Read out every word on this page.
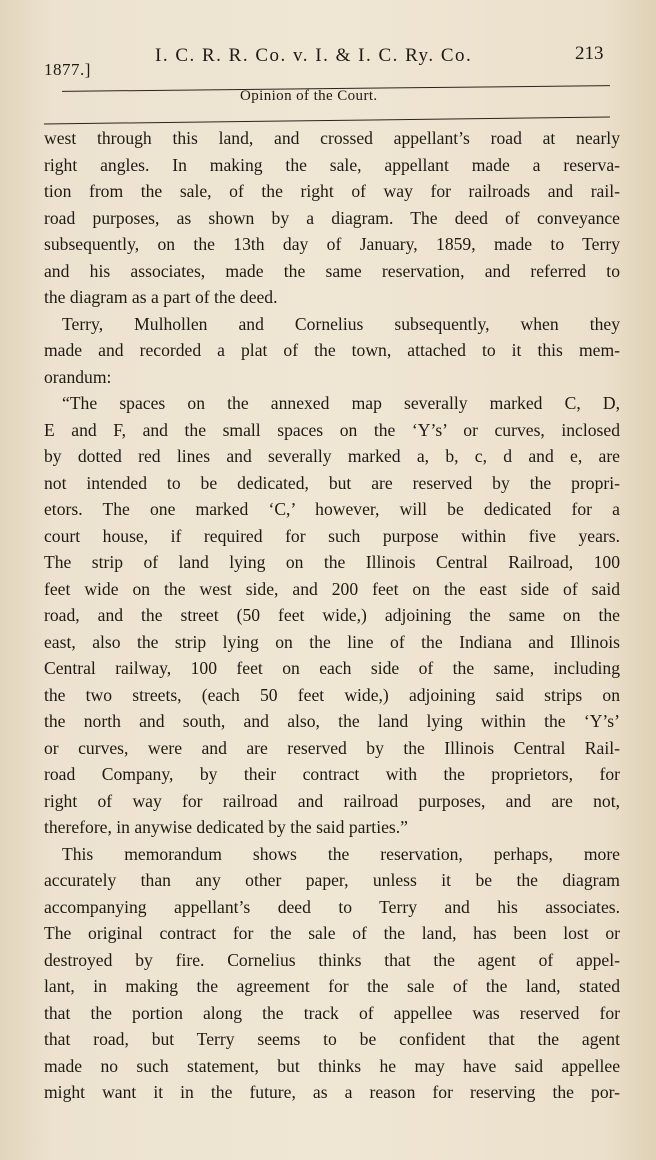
1877.]
I. C. R. R. Co. v. I. & I. C. Ry. Co.	213
Opinion of the Court.
west through this land, and crossed appellant’s road at nearly
right angles. In making the sale, appellant made a reserva-
tion from the sale, of the right of way for railroads and rail-
road purposes, as shown by a diagram. The deed of conveyance
subsequently, on the 13th day of January, 1859, made to Terry
and his associates, made the same reservation, and referred to
the diagram as a part of the deed.
Terry, Mulhollen and Cornelius subsequently, when they
made and recorded a plat of the town, attached to it this mem-
orandum:
“The spaces on the annexed map severally marked C, D,
E and F, and the small spaces on the ‘Y’s’ or curves, inclosed
by dotted red lines and severally marked a, b, c, d and e, are
not intended to be dedicated, but are reserved by the propri-
etors. The one marked ‘C,’ however, will be dedicated for a
court house, if required for such purpose within five years.
The strip of land lying on the Illinois Central Railroad, 100
feet wide on the west side, and 200 feet on the east side of said
road, and the street (50 feet wide,) adjoining the same on the
east, also the strip lying on the line of the Indiana and Illinois
Central railway, 100 feet on each side of the same, including
the two streets, (each 50 feet wide,) adjoining said strips on
the north and south, and also, the land lying within the ‘Y’s’
or curves, were and are reserved by the Illinois Central Rail-
road Company, by their contract with the proprietors, for
right of way for railroad and railroad purposes, and are not,
therefore, in anywise dedicated by the said parties.”
This memorandum shows the reservation, perhaps, more
accurately than any other paper, unless it be the diagram
accompanying appellant’s deed to Terry and his associates.
The original contract for the sale of the land, has been lost or
destroyed by fire. Cornelius thinks that the agent of appel-
lant, in making the agreement for the sale of the land, stated
that the portion along the track of appellee was reserved for
that road, but Terry seems to be confident that the agent
made no such statement, but thinks he may have said appellee
might want it in the future, as a reason for reserving the por-
